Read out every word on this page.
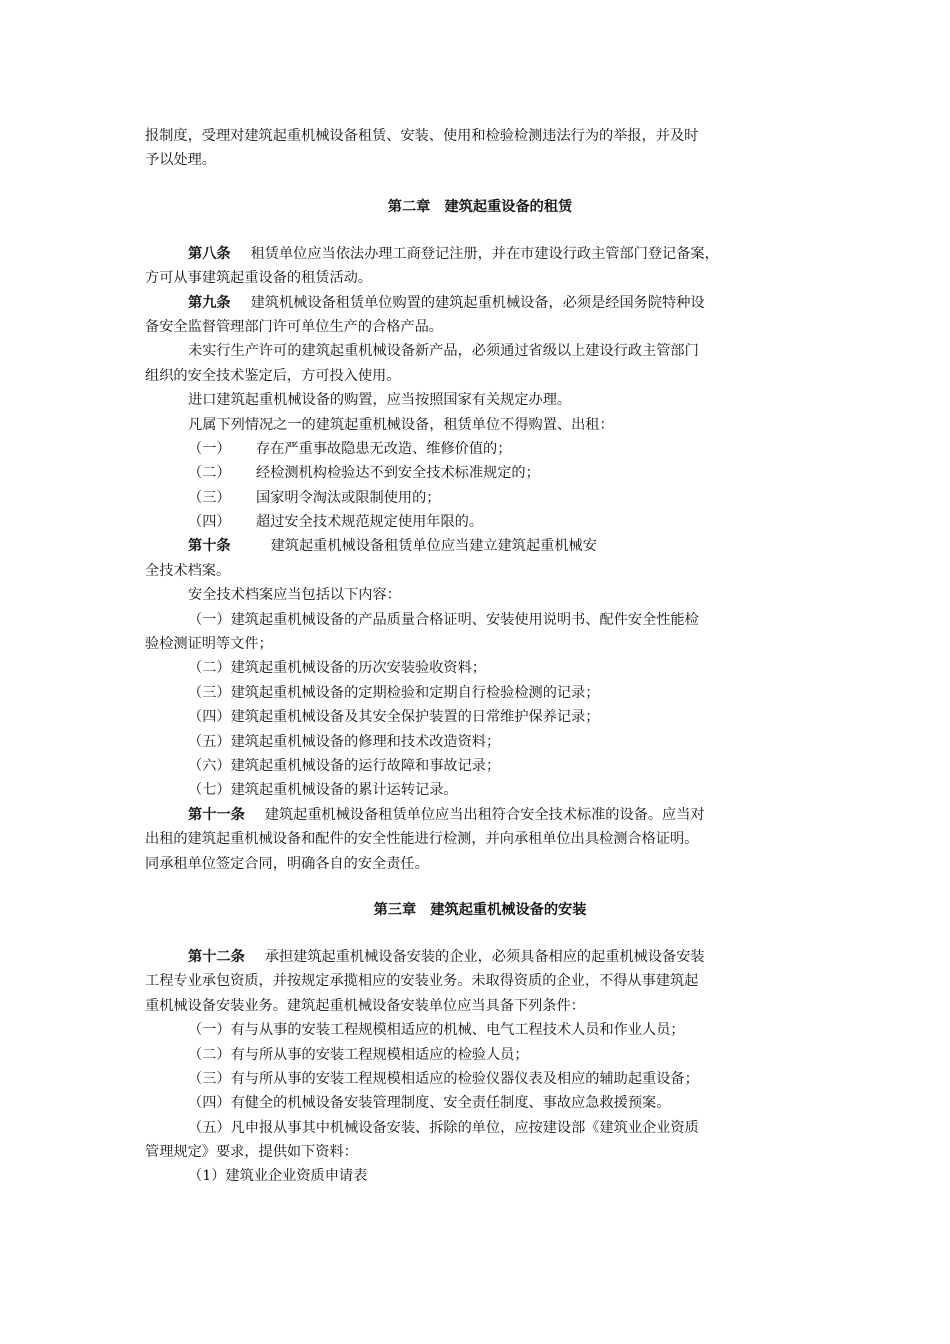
报制度，受理对建筑起重机械设备租赁、安装、使用和检验检测违法行为的举报，并及时
予以处理。
第二章　建筑起重设备的租赁
第八条 租赁单位应当依法办理工商登记注册，并在市建设行政主管部门登记备案，
方可从事建筑起重设备的租赁活动。
第九条 建筑机械设备租赁单位购置的建筑起重机械设备，必须是经国务院特种设
备安全监督管理部门许可单位生产的合格产品。
未实行生产许可的建筑起重机械设备新产品，必须通过省级以上建设行政主管部门
组织的安全技术鉴定后，方可投入使用。
进口建筑起重机械设备的购置，应当按照国家有关规定办理。
凡属下列情况之一的建筑起重机械设备，租赁单位不得购置、出租：
（一） 存在严重事故隐患无改造、维修价值的；
（二） 经检测机构检验达不到安全技术标准规定的；
（三） 国家明令淘汰或限制使用的；
（四） 超过安全技术规范规定使用年限的。
第十条	建筑起重机械设备租赁单位应当建立建筑起重机械安
全技术档案。
安全技术档案应当包括以下内容：
（一）建筑起重机械设备的产品质量合格证明、安装使用说明书、配件安全性能检
验检测证明等文件；
（二）建筑起重机械设备的历次安装验收资料；
（三）建筑起重机械设备的定期检验和定期自行检验检测的记录；
（四）建筑起重机械设备及其安全保护装置的日常维护保养记录；
（五）建筑起重机械设备的修理和技术改造资料；
（六）建筑起重机械设备的运行故障和事故记录；
（七）建筑起重机械设备的累计运转记录。
第十一条 建筑起重机械设备租赁单位应当出租符合安全技术标准的设备。应当对
出租的建筑起重机械设备和配件的安全性能进行检测，并向承租单位出具检测合格证明。
同承租单位签定合同，明确各自的安全责任。
第三章　建筑起重机械设备的安装
第十二条 承担建筑起重机械设备安装的企业，必须具备相应的起重机械设备安装
工程专业承包资质，并按规定承揽相应的安装业务。未取得资质的企业，不得从事建筑起
重机械设备安装业务。建筑起重机械设备安装单位应当具备下列条件：
（一）有与从事的安装工程规模相适应的机械、电气工程技术人员和作业人员；
（二）有与所从事的安装工程规模相适应的检验人员；
（三）有与所从事的安装工程规模相适应的检验仪器仪表及相应的辅助起重设备；
（四）有健全的机械设备安装管理制度、安全责任制度、事故应急救援预案。
（五）凡申报从事其中机械设备安装、拆除的单位，应按建设部《建筑业企业资质
管理规定》要求，提供如下资料：
（1）建筑业企业资质申请表
